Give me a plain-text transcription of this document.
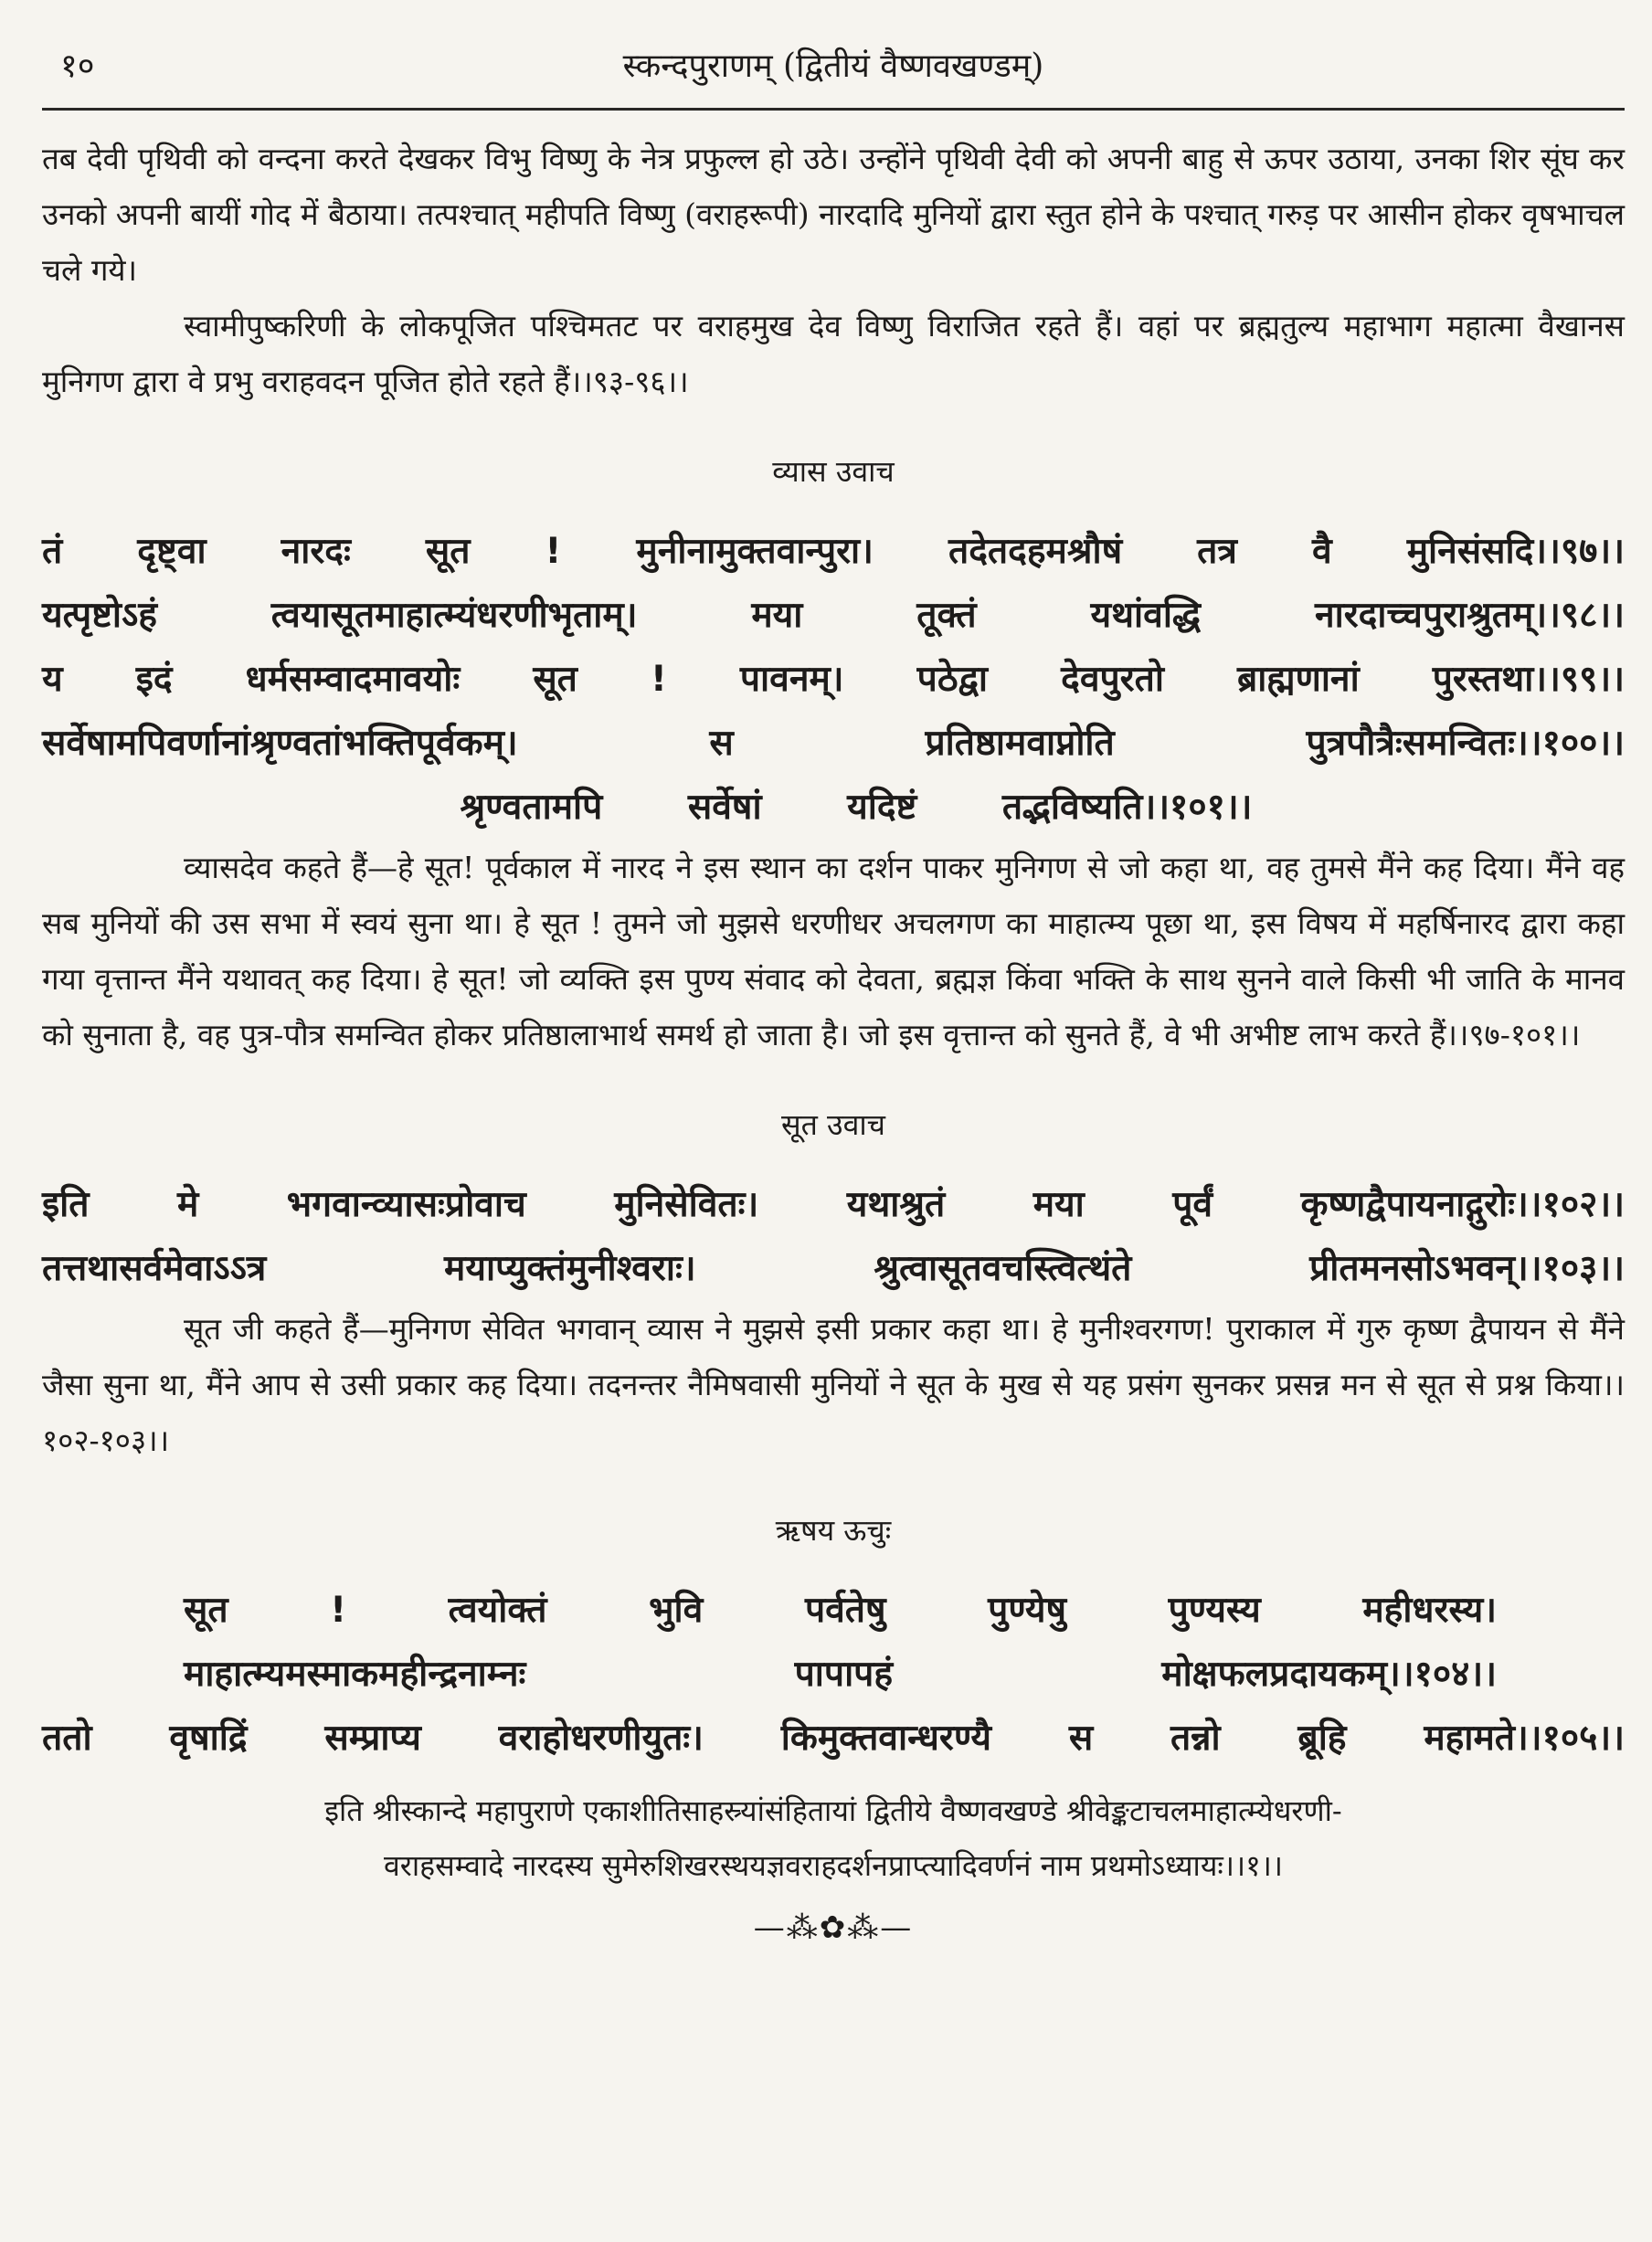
१०	स्कन्दपुराणम् (द्वितीयं वैष्णवखण्डम्)

तब देवी पृथिवी को वन्दना करते देखकर विभु विष्णु के नेत्र प्रफुल्ल हो उठे। उन्होंने पृथिवी देवी को अपनी बाहु से ऊपर उठाया, उनका शिर सूंघ कर उनको अपनी बायीं गोद में बैठाया। तत्पश्चात् महीपति विष्णु (वराहरूपी) नारदादि मुनियों द्वारा स्तुत होने के पश्चात् गरुड़ पर आसीन होकर वृषभाचल चले गये।

स्वामीपुष्करिणी के लोकपूजित पश्चिमतट पर वराहमुख देव विष्णु विराजित रहते हैं। वहां पर ब्रह्मतुल्य महाभाग महात्मा वैखानस मुनिगण द्वारा वे प्रभु वराहवदन पूजित होते रहते हैं।।९३-९६।।

व्यास उवाच
तं दृष्ट्वा नारदः सूत ! मुनीनामुक्तवान्पुरा। तदेतदहमश्रौषं तत्र वै मुनिसंसदि।।९७।।
यत्पृष्टोऽहं त्वयासूतमाहात्म्यंधरणीभृताम्। मया तूक्तं यथांवद्धि नारदाच्चपुराश्रुतम्।।९८।।
य इदं धर्मसम्वादमावयोः सूत ! पावनम्। पठेद्वा देवपुरतो ब्राह्मणानां पुरस्तथा।।९९।।
सर्वेषामपिवर्णानांश्रृण्वतांभक्तिपूर्वकम्। स प्रतिष्ठामवाप्नोति पुत्रपौत्रैःसमन्वितः।।१००।।
श्रृण्वतामपि सर्वेषां यदिष्टं तद्भविष्यति।।१०१।।

व्यासदेव कहते हैं—हे सूत! पूर्वकाल में नारद ने इस स्थान का दर्शन पाकर मुनिगण से जो कहा था, वह तुमसे मैंने कह दिया। मैंने वह सब मुनियों की उस सभा में स्वयं सुना था। हे सूत ! तुमने जो मुझसे धरणीधर अचलगण का माहात्म्य पूछा था, इस विषय में महर्षिनारद द्वारा कहा गया वृत्तान्त मैंने यथावत् कह दिया। हे सूत! जो व्यक्ति इस पुण्य संवाद को देवता, ब्रह्मज्ञ किंवा भक्ति के साथ सुनने वाले किसी भी जाति के मानव को सुनाता है, वह पुत्र-पौत्र समन्वित होकर प्रतिष्ठालाभार्थ समर्थ हो जाता है। जो इस वृत्तान्त को सुनते हैं, वे भी अभीष्ट लाभ करते हैं।।९७-१०१।।

सूत उवाच
इति मे भगवान्व्यासःप्रोवाच मुनिसेवितः। यथाश्रुतं मया पूर्वं कृष्णद्वैपायनाद्गुरोः।।१०२।।
तत्तथासर्वमेवाऽऽत्र मयाप्युक्तंमुनीश्वराः। श्रुत्वासूतवचस्त्वित्थंते प्रीतमनसोऽभवन्।।१०३।।

सूत जी कहते हैं—मुनिगण सेवित भगवान् व्यास ने मुझसे इसी प्रकार कहा था। हे मुनीश्वरगण! पुराकाल में गुरु कृष्ण द्वैपायन से मैंने जैसा सुना था, मैंने आप से उसी प्रकार कह दिया। तदनन्तर नैमिषवासी मुनियों ने सूत के मुख से यह प्रसंग सुनकर प्रसन्न मन से सूत से प्रश्न किया।।१०२-१०३।।

ऋषय ऊचुः
सूत ! त्वयोक्तं भुवि पर्वतेषु पुण्येषु पुण्यस्य महीधरस्य।
माहात्म्यमस्माकमहीन्द्रनाम्नः पापापहं मोक्षफलप्रदायकम्।।१०४।।
ततो वृषाद्रिं सम्प्राप्य वराहोधरणीयुतः। किमुक्तवान्धरण्यै स तन्नो ब्रूहि महामते।।१०५।।
इति श्रीस्कान्दे महापुराणे एकाशीतिसाहस्र्यांसंहितायां द्वितीये वैष्णवखण्डे श्रीवेङ्कटाचलमाहात्म्येधरणी-
वराहसम्वादे नारदस्य सुमेरुशिखरस्थयज्ञवराहदर्शनप्राप्त्यादिवर्णनं नाम प्रथमोऽध्यायः।।१।।
—⁂✿⁂—
